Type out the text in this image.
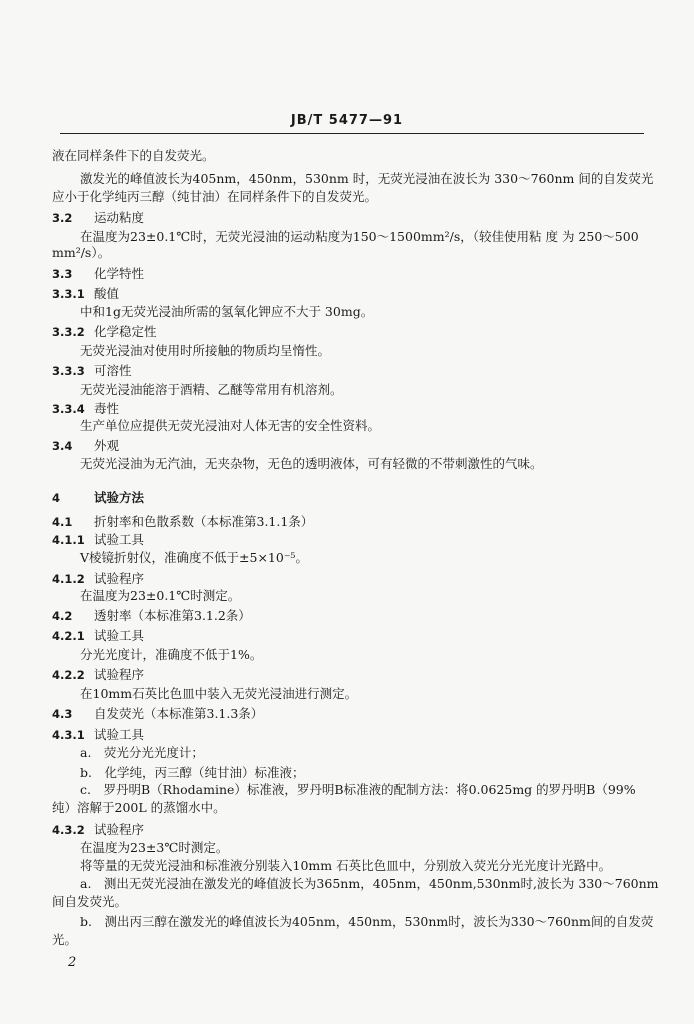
JB/T 5477—91
液在同样条件下的自发荧光。
激发光的峰值波长为405nm，450nm，530nm 时，无荧光浸油在波长为 330～760nm 间的自发荧光
应小于化学纯丙三醇（纯甘油）在同样条件下的自发荧光。
3.2 运动粘度
在温度为23±0.1℃时，无荧光浸油的运动粘度为150～1500mm²/s，（较佳使用粘 度 为 250～500
mm²/s）。
3.3 化学特性
3.3.1 酸值
中和1g无荧光浸油所需的氢氧化钾应不大于 30mg。
3.3.2 化学稳定性
无荧光浸油对使用时所接触的物质均呈惰性。
3.3.3 可溶性
无荧光浸油能溶于酒精、乙醚等常用有机溶剂。
3.3.4 毒性
生产单位应提供无荧光浸油对人体无害的安全性资料。
3.4 外观
无荧光浸油为无汽油，无夹杂物，无色的透明液体，可有轻微的不带刺激性的气味。
4	试验方法
4.1 折射率和色散系数（本标准第3.1.1条）
4.1.1 试验工具
V棱镜折射仪，准确度不低于±5×10⁻⁵。
4.1.2 试验程序
在温度为23±0.1℃时测定。
4.2 透射率（本标准第3.1.2条）
4.2.1 试验工具
分光光度计，准确度不低于1%。
4.2.2 试验程序
在10mm石英比色皿中装入无荧光浸油进行测定。
4.3 自发荧光（本标准第3.1.3条）
4.3.1 试验工具
a.　荧光分光光度计；
b.　化学纯，丙三醇（纯甘油）标准液；
c.　罗丹明B（Rhodamine）标准液，罗丹明B标准液的配制方法：将0.0625mg 的罗丹明B（99%
纯）溶解于200L 的蒸馏水中。
4.3.2 试验程序
在温度为23±3℃时测定。
将等量的无荧光浸油和标准液分别装入10mm 石英比色皿中，分别放入荧光分光光度计光路中。
a.　测出无荧光浸油在激发光的峰值波长为365nm，405nm，450nm,530nm时,波长为 330～760nm
间自发荧光。
b.　测出丙三醇在激发光的峰值波长为405nm，450nm，530nm时，波长为330～760nm间的自发荧
光。
2
